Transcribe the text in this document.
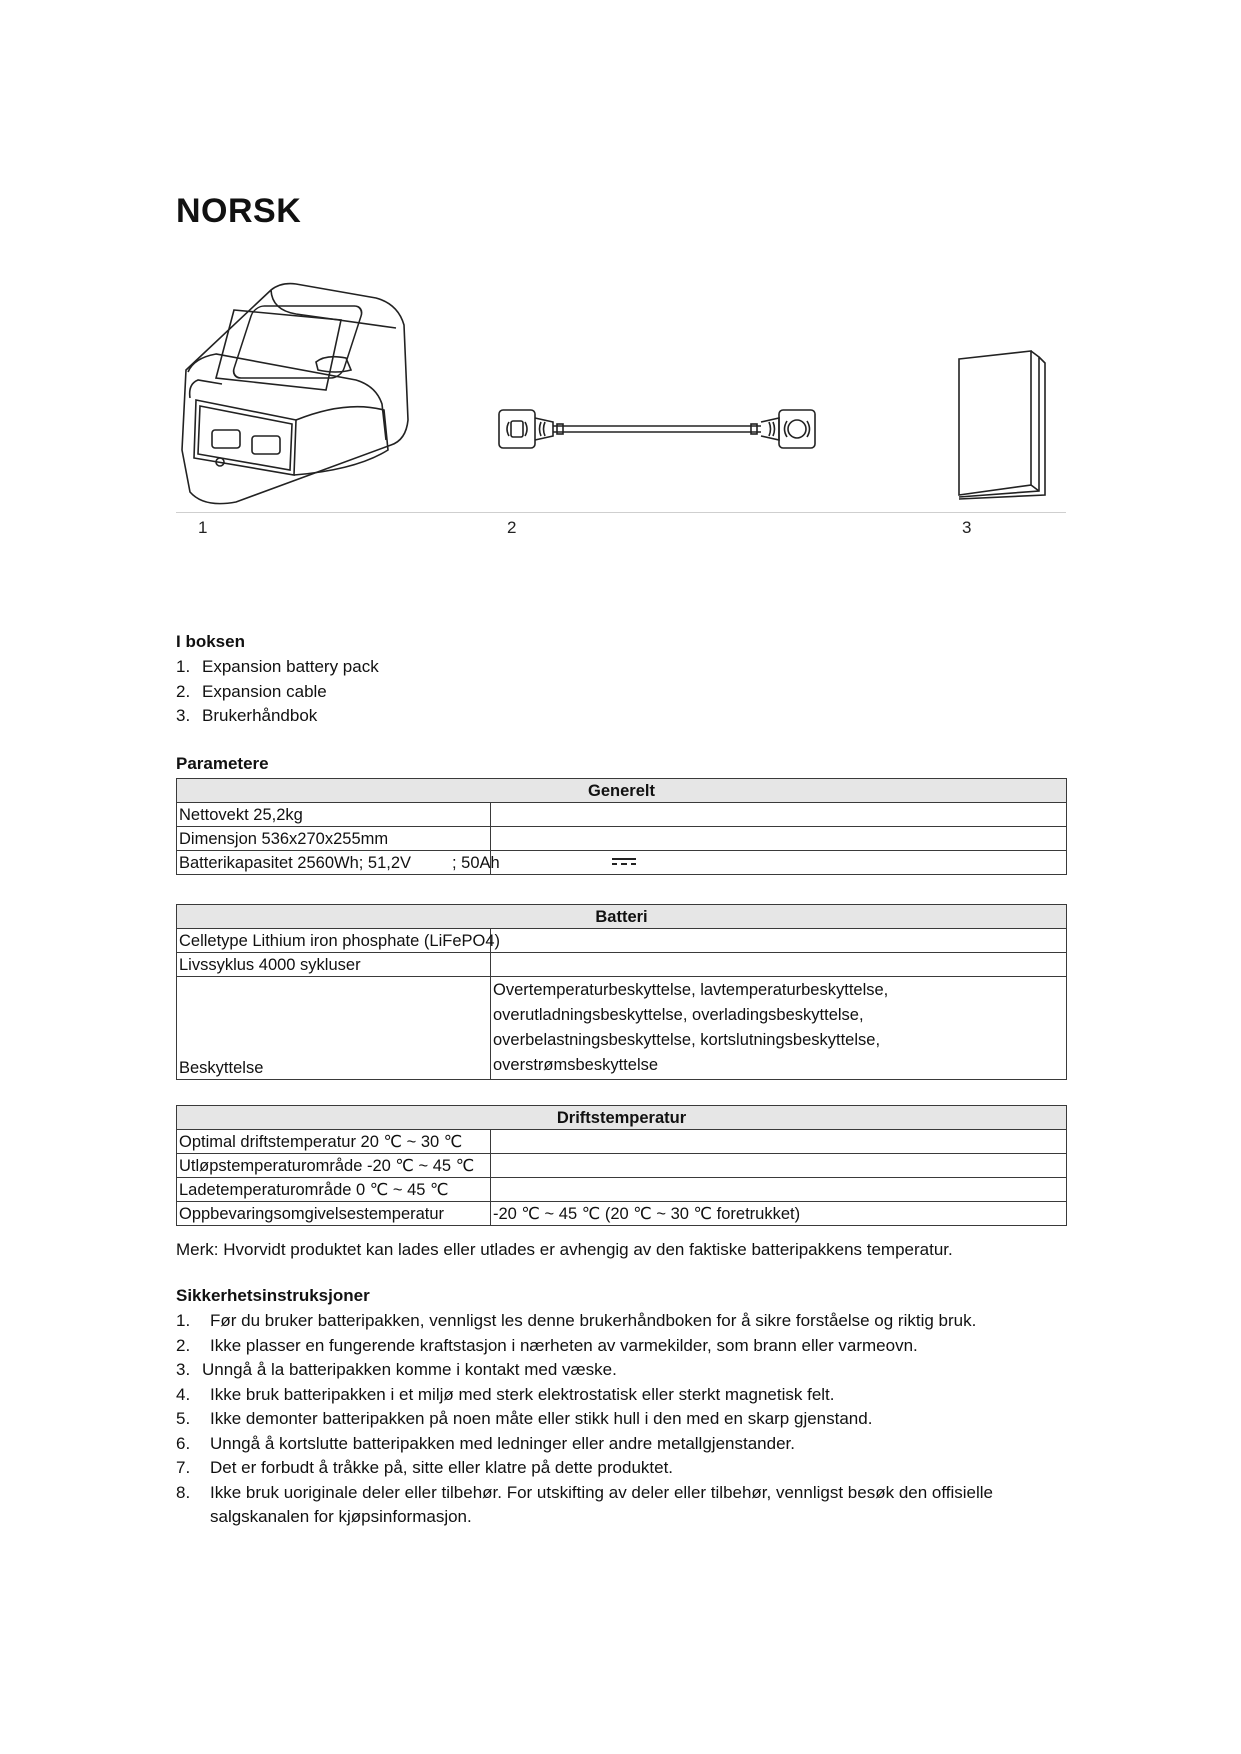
NORSK
1	2	3
I boksen
1. Expansion battery pack
2. Expansion cable
3. Brukerhåndbok
Parametere
Generelt	
Nettovekt 25,2kg	
Dimensjon 536x270x255mm	
Batterikapasitet 2560Wh; 51,2V ; 50Ah

Batteri	
Celletype Lithium iron phosphate (LiFePO4)	
Livssyklus 4000 sykluser	
Beskyttelse	Overtemperaturbeskyttelse, lavtemperaturbeskyttelse,
overutladningsbeskyttelse, overladingsbeskyttelse,
overbelastningsbeskyttelse, kortslutningsbeskyttelse,
overstrømsbeskyttelse
Driftstemperatur	
Optimal driftstemperatur 20 ℃ ~ 30 ℃	
Utløpstemperaturområde -20 ℃ ~ 45 ℃	
Ladetemperaturområde 0 ℃ ~ 45 ℃	
Oppbevaringsomgivelsestemperatur	-20 ℃ ~ 45 ℃ (20 ℃ ~ 30 ℃ foretrukket)
Merk: Hvorvidt produktet kan lades eller utlades er avhengig av den faktiske batteripakkens temperatur.
Sikkerhetsinstruksjoner
1.	Før du bruker batteripakken, vennligst les denne brukerhåndboken for å sikre forståelse og riktig bruk.
2.	Ikke plasser en fungerende kraftstasjon i nærheten av varmekilder, som brann eller varmeovn.
3. Unngå å la batteripakken komme i kontakt med væske.
4.	Ikke bruk batteripakken i et miljø med sterk elektrostatisk eller sterkt magnetisk felt.
5.	Ikke demonter batteripakken på noen måte eller stikk hull i den med en skarp gjenstand.
6.	Unngå å kortslutte batteripakken med ledninger eller andre metallgjenstander.
7.	Det er forbudt å tråkke på, sitte eller klatre på dette produktet.
8.	Ikke bruk uoriginale deler eller tilbehør. For utskifting av deler eller tilbehør, vennligst besøk den offisielle salgskanalen for kjøpsinformasjon.
